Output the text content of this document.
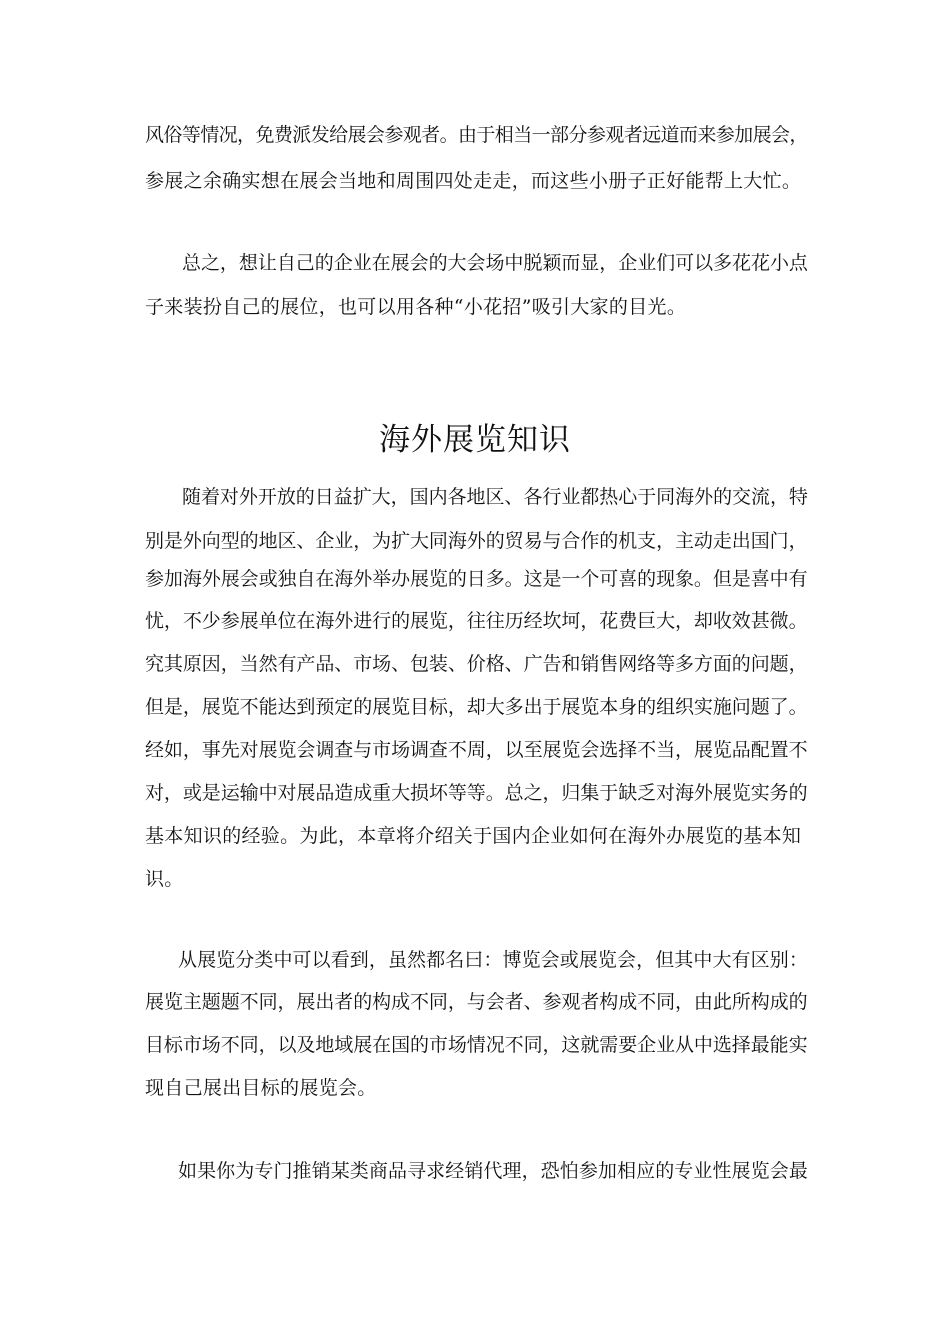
风俗等情况，免费派发给展会参观者。由于相当一部分参观者远道而来参加展会，
参展之余确实想在展会当地和周围四处走走，而这些小册子正好能帮上大忙。
总之，想让自己的企业在展会的大会场中脱颖而显，企业们可以多花花小点
子来装扮自己的展位，也可以用各种“小花招”吸引大家的目光。
海外展览知识
随着对外开放的日益扩大，国内各地区、各行业都热心于同海外的交流，特
别是外向型的地区、企业，为扩大同海外的贸易与合作的机支，主动走出国门，
参加海外展会或独自在海外举办展览的日多。这是一个可喜的现象。但是喜中有
忧，不少参展单位在海外进行的展览，往往历经坎坷，花费巨大，却收效甚微。
究其原因，当然有产品、市场、包装、价格、广告和销售网络等多方面的问题，
但是，展览不能达到预定的展览目标，却大多出于展览本身的组织实施问题了。
经如，事先对展览会调查与市场调查不周，以至展览会选择不当，展览品配置不
对，或是运输中对展品造成重大损坏等等。总之，归集于缺乏对海外展览实务的
基本知识的经验。为此，本章将介绍关于国内企业如何在海外办展览的基本知
识。
从展览分类中可以看到，虽然都名曰：博览会或展览会，但其中大有区别：
展览主题题不同，展出者的构成不同，与会者、参观者构成不同，由此所构成的
目标市场不同，以及地域展在国的市场情况不同，这就需要企业从中选择最能实
现自己展出目标的展览会。
如果你为专门推销某类商品寻求经销代理，恐怕参加相应的专业性展览会最
